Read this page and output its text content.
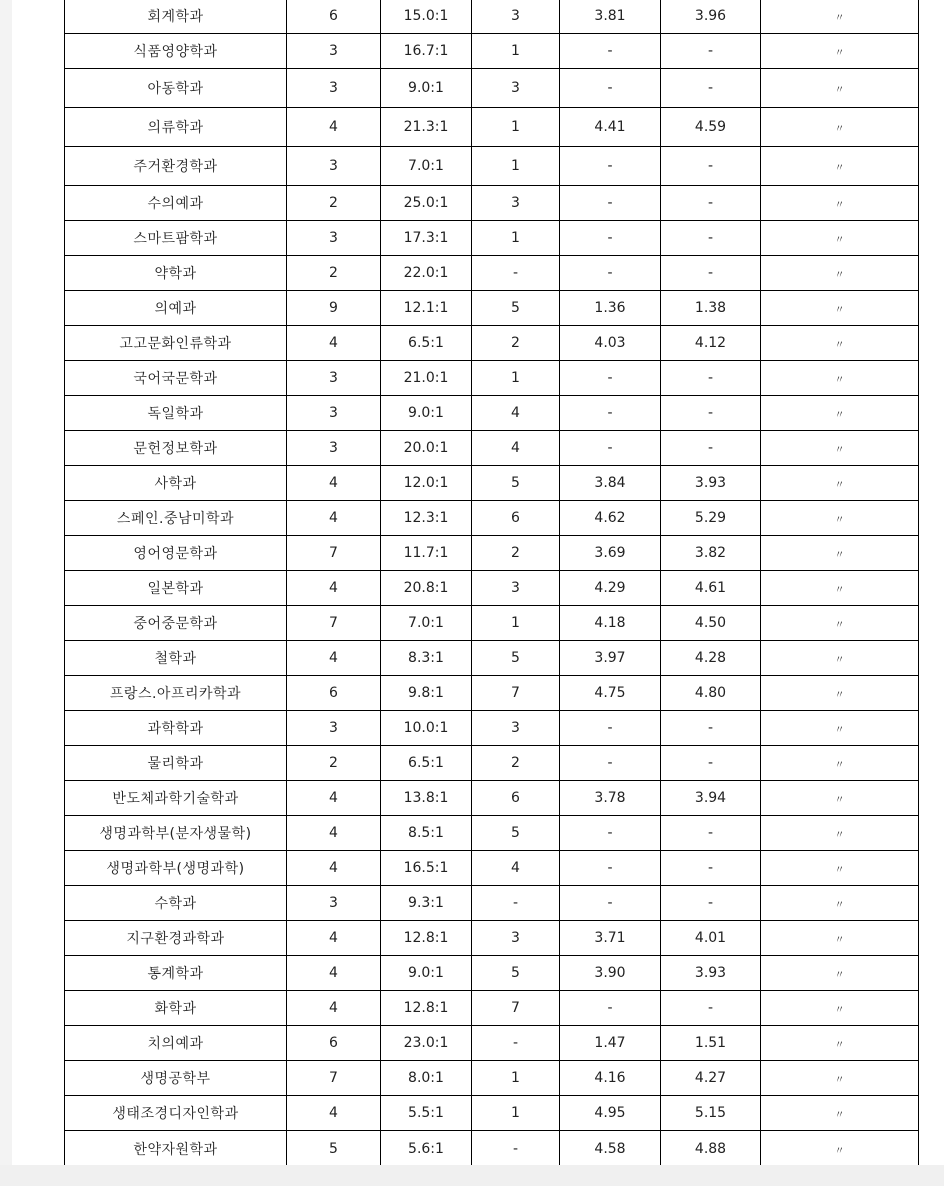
회계학과	6	15.0:1	3	3.81	3.96	〃
식품영양학과	3	16.7:1	1	-	-	〃
아동학과	3	9.0:1	3	-	-	〃
의류학과	4	21.3:1	1	4.41	4.59	〃
주거환경학과	3	7.0:1	1	-	-	〃
수의예과	2	25.0:1	3	-	-	〃
스마트팜학과	3	17.3:1	1	-	-	〃
약학과	2	22.0:1	-	-	-	〃
의예과	9	12.1:1	5	1.36	1.38	〃
고고문화인류학과	4	6.5:1	2	4.03	4.12	〃
국어국문학과	3	21.0:1	1	-	-	〃
독일학과	3	9.0:1	4	-	-	〃
문헌정보학과	3	20.0:1	4	-	-	〃
사학과	4	12.0:1	5	3.84	3.93	〃
스페인.중남미학과	4	12.3:1	6	4.62	5.29	〃
영어영문학과	7	11.7:1	2	3.69	3.82	〃
일본학과	4	20.8:1	3	4.29	4.61	〃
중어중문학과	7	7.0:1	1	4.18	4.50	〃
철학과	4	8.3:1	5	3.97	4.28	〃
프랑스.아프리카학과	6	9.8:1	7	4.75	4.80	〃
과학학과	3	10.0:1	3	-	-	〃
물리학과	2	6.5:1	2	-	-	〃
반도체과학기술학과	4	13.8:1	6	3.78	3.94	〃
생명과학부(분자생물학)	4	8.5:1	5	-	-	〃
생명과학부(생명과학)	4	16.5:1	4	-	-	〃
수학과	3	9.3:1	-	-	-	〃
지구환경과학과	4	12.8:1	3	3.71	4.01	〃
통계학과	4	9.0:1	5	3.90	3.93	〃
화학과	4	12.8:1	7	-	-	〃
치의예과	6	23.0:1	-	1.47	1.51	〃
생명공학부	7	8.0:1	1	4.16	4.27	〃
생태조경디자인학과	4	5.5:1	1	4.95	5.15	〃
한약자원학과	5	5.6:1	-	4.58	4.88	〃
